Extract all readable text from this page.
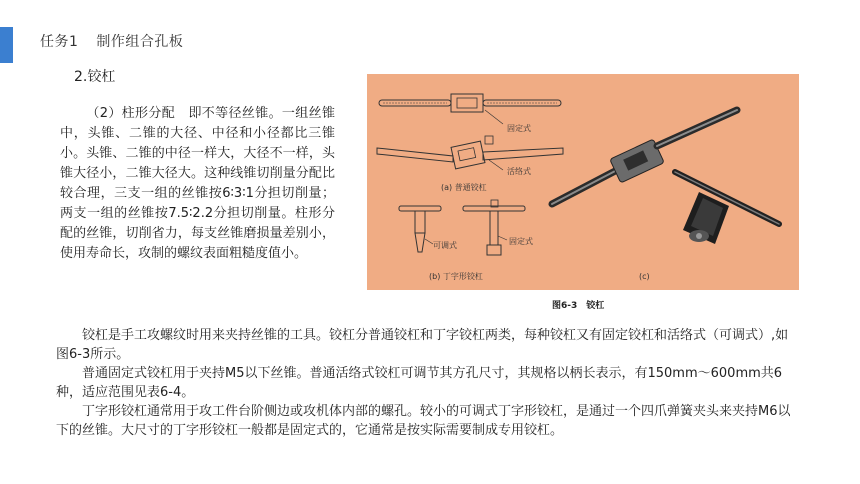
任务1 制作组合孔板
2.铰杠
（2）柱形分配　即不等径丝锥。一组丝锥中，头锥、二锥的大径、中径和小径都比三锥小。头锥、二锥的中径一样大，大径不一样，头锥大径小，二锥大径大。这种线锥切削量分配比较合理，三支一组的丝锥按6∶3∶1分担切削量；两支一组的丝锥按7.5∶2.2分担切削量。柱形分配的丝锥，切削省力，每支丝锥磨损量差别小，使用寿命长，攻制的螺纹表面粗糙度值小。
固定式
活络式
(a) 普通铰杠
可调式	固定式
(b) 丁字形铰杠	(c)
图6-3　铰杠

铰杠是手工攻螺纹时用来夹持丝锥的工具。铰杠分普通铰杠和丁字铰杠两类，每种铰杠又有固定铰杠和活络式（可调式）,如图6-3所示。

普通固定式铰杠用于夹持M5以下丝锥。普通活络式铰杠可调节其方孔尺寸，其规格以柄长表示，有150mm～600mm共6种，适应范围见表6-4。

丁字形铰杠通常用于攻工件台阶侧边或攻机体内部的螺孔。较小的可调式丁字形铰杠，是通过一个四爪弹簧夹头来夹持M6以下的丝锥。大尺寸的丁字形铰杠一般都是固定式的，它通常是按实际需要制成专用铰杠。
